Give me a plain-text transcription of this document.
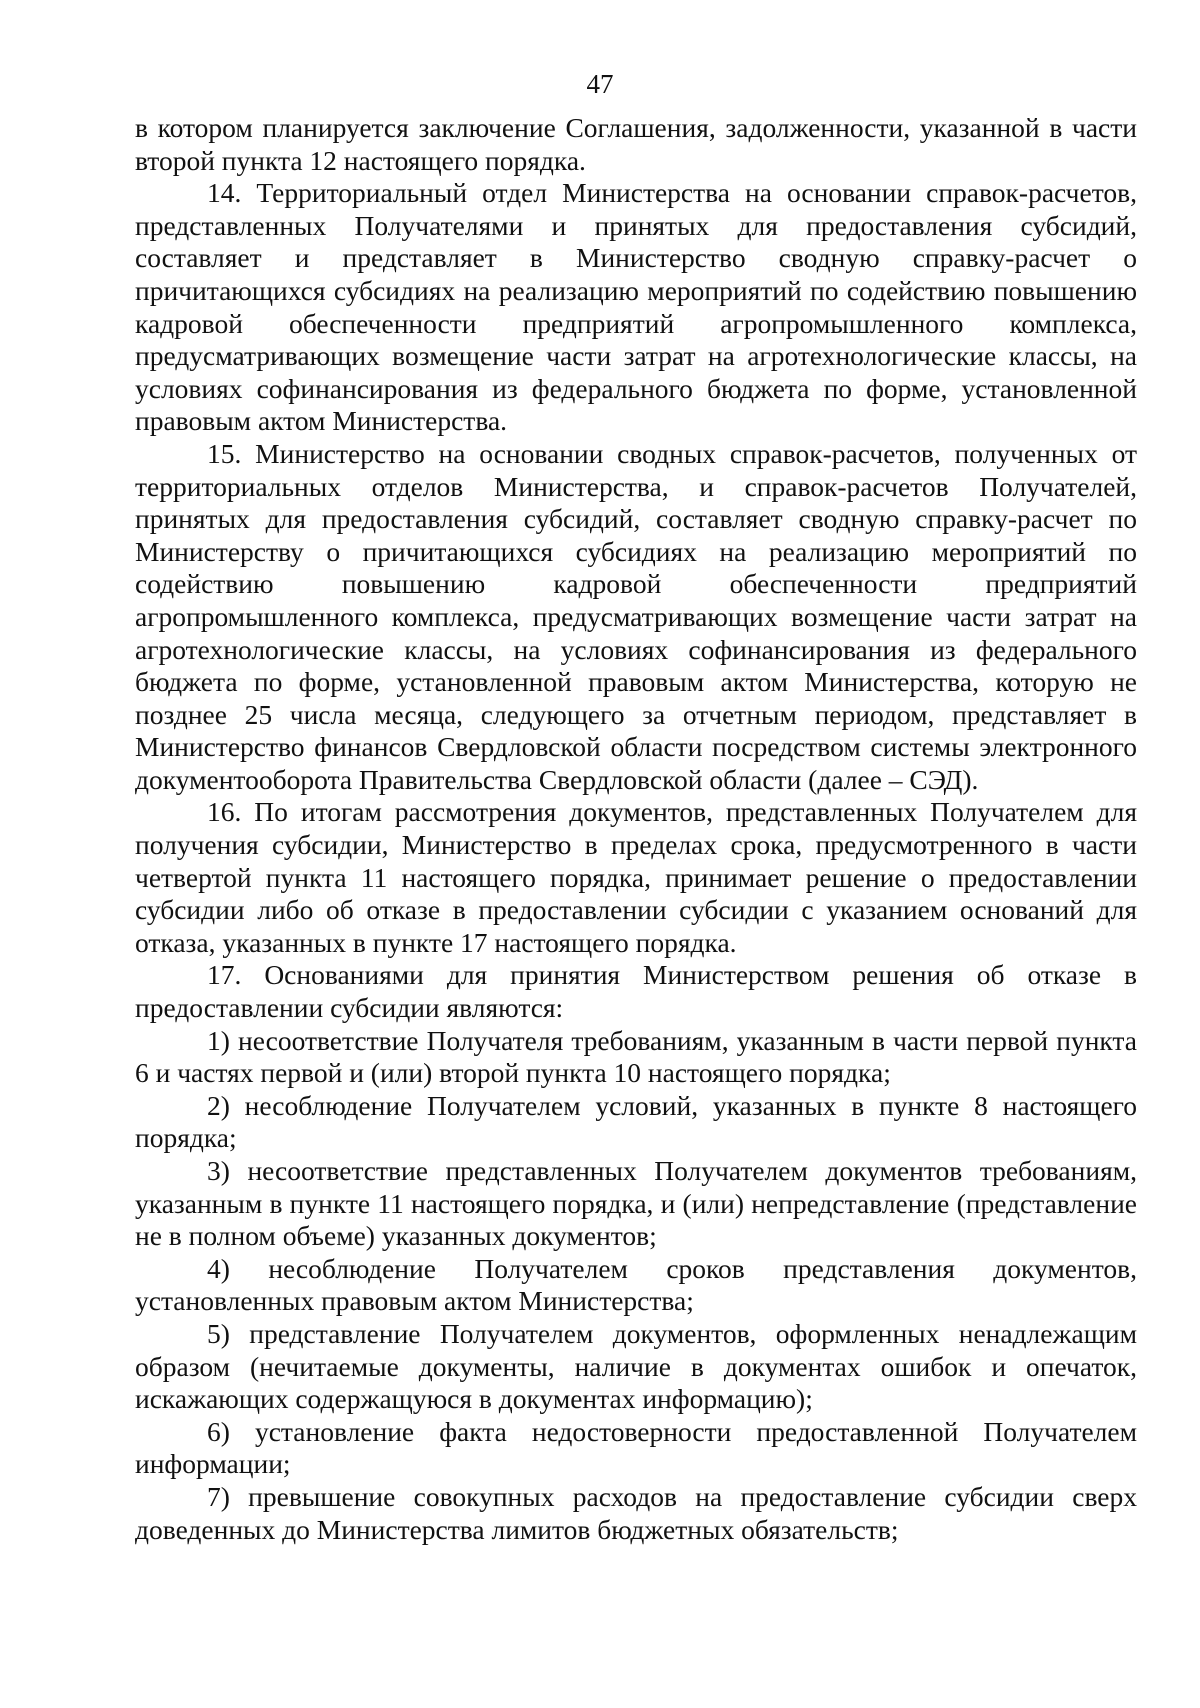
47

в котором планируется заключение Соглашения, задолженности, указанной в части второй пункта 12 настоящего порядка.

14. Территориальный отдел Министерства на основании справок-расчетов, представленных Получателями и принятых для предоставления субсидий, составляет и представляет в Министерство сводную справку-расчет о причитающихся субсидиях на реализацию мероприятий по содействию повышению кадровой обеспеченности предприятий агропромышленного комплекса, предусматривающих возмещение части затрат на агротехнологические классы, на условиях софинансирования из федерального бюджета по форме, установленной правовым актом Министерства.

15. Министерство на основании сводных справок-расчетов, полученных от территориальных отделов Министерства, и справок-расчетов Получателей, принятых для предоставления субсидий, составляет сводную справку-расчет по Министерству о причитающихся субсидиях на реализацию мероприятий по содействию повышению кадровой обеспеченности предприятий агропромышленного комплекса, предусматривающих возмещение части затрат на агротехнологические классы, на условиях софинансирования из федерального бюджета по форме, установленной правовым актом Министерства, которую не позднее 25 числа месяца, следующего за отчетным периодом, представляет в Министерство финансов Свердловской области посредством системы электронного документооборота Правительства Свердловской области (далее – СЭД).

16. По итогам рассмотрения документов, представленных Получателем для получения субсидии, Министерство в пределах срока, предусмотренного в части четвертой пункта 11 настоящего порядка, принимает решение о предоставлении субсидии либо об отказе в предоставлении субсидии с указанием оснований для отказа, указанных в пункте 17 настоящего порядка.

17. Основаниями для принятия Министерством решения об отказе в предоставлении субсидии являются:

1) несоответствие Получателя требованиям, указанным в части первой пункта 6 и частях первой и (или) второй пункта 10 настоящего порядка;

2) несоблюдение Получателем условий, указанных в пункте 8 настоящего порядка;

3) несоответствие представленных Получателем документов требованиям, указанным в пункте 11 настоящего порядка, и (или) непредставление (представление не в полном объеме) указанных документов;

4) несоблюдение Получателем сроков представления документов, установленных правовым актом Министерства;

5) представление Получателем документов, оформленных ненадлежащим образом (нечитаемые документы, наличие в документах ошибок и опечаток, искажающих содержащуюся в документах информацию);

6) установление факта недостоверности предоставленной Получателем информации;

7) превышение совокупных расходов на предоставление субсидии сверх доведенных до Министерства лимитов бюджетных обязательств;
